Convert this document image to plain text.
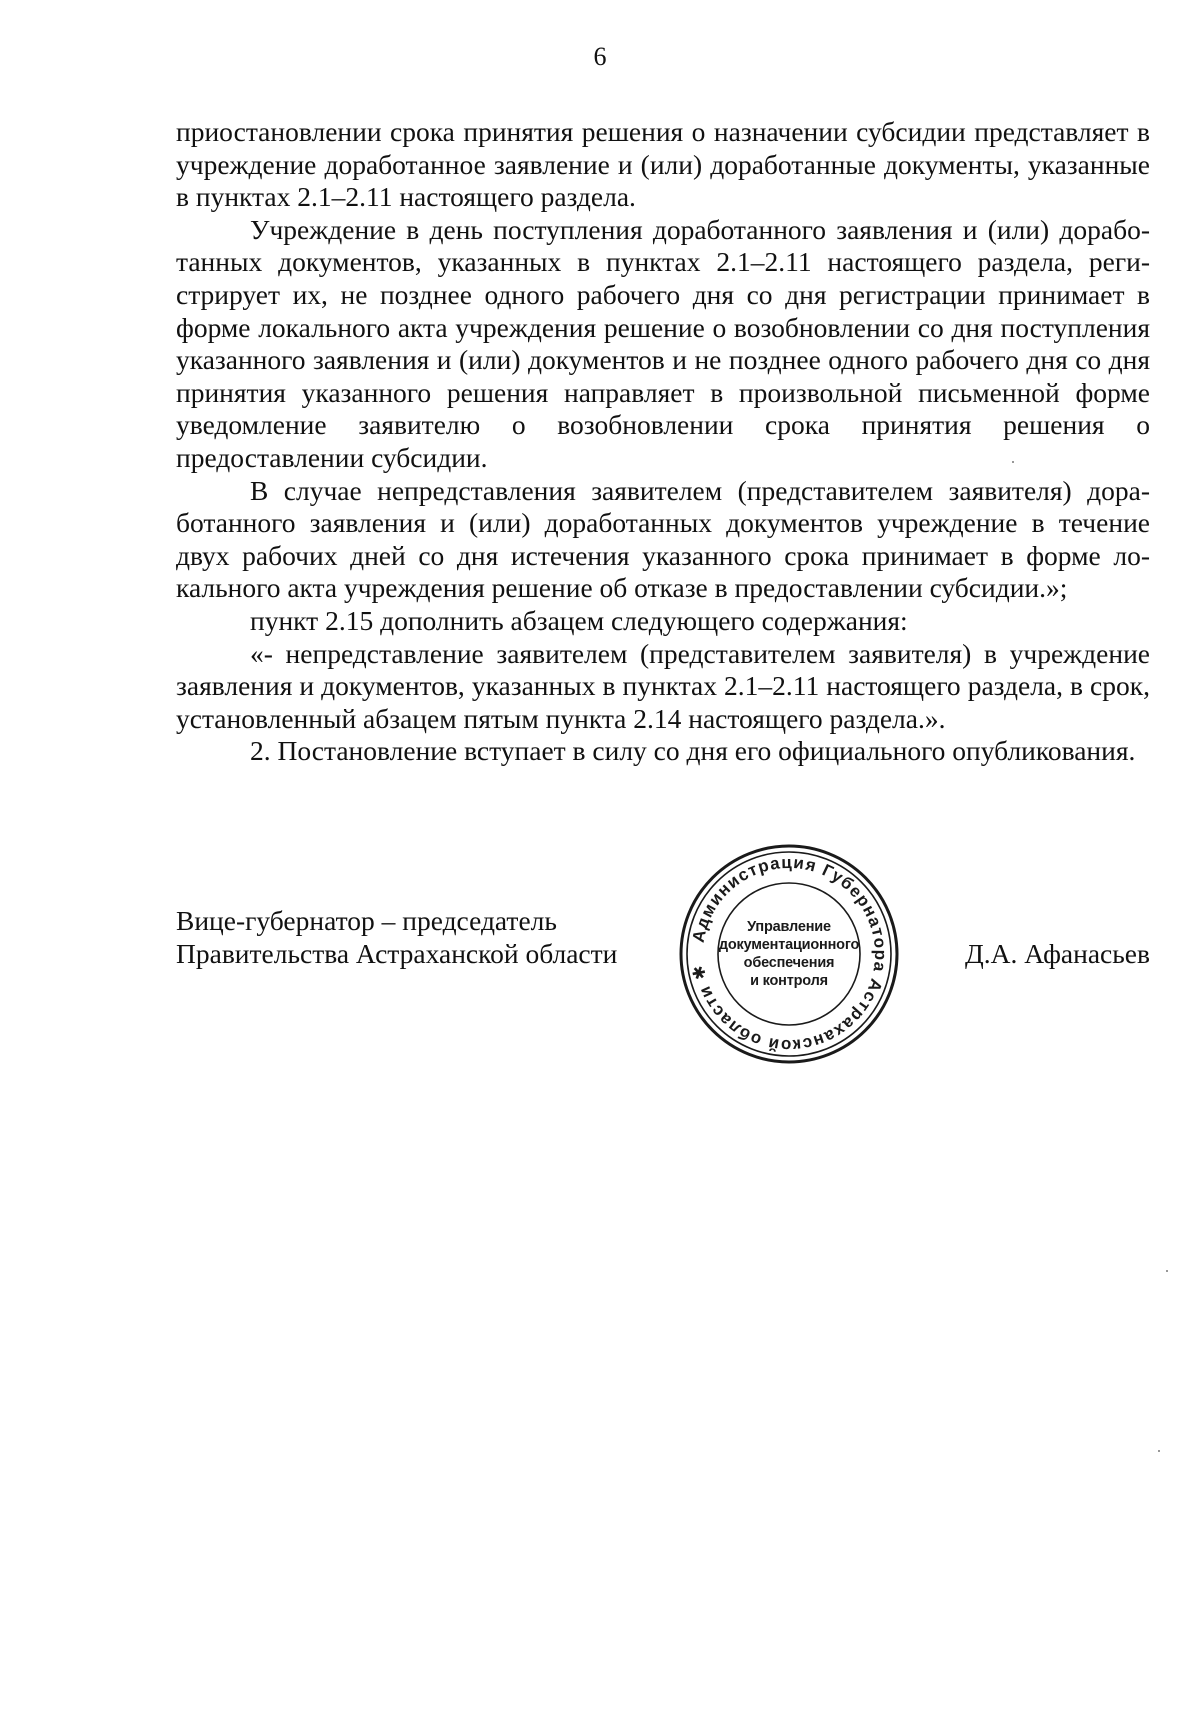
6

приостановлении срока принятия решения о назначении субсидии представляет в учреждение доработанное заявление и (или) доработанные документы, указанные в пунктах 2.1–2.11 настоящего раздела.

Учреждение в день поступления доработанного заявления и (или) доработанных документов, указанных в пунктах 2.1–2.11 настоящего раздела, регистрирует их, не позднее одного рабочего дня со дня регистрации принимает в форме локального акта учреждения решение о возобновлении со дня поступления указанного заявления и (или) документов и не позднее одного рабочего дня со дня принятия указанного решения направляет в произвольной письменной форме уведомление заявителю о возобновлении срока принятия решения о предоставлении субсидии.

В случае непредставления заявителем (представителем заявителя) доработанного заявления и (или) доработанных документов учреждение в течение двух рабочих дней со дня истечения указанного срока принимает в форме локального акта учреждения решение об отказе в предоставлении субсидии.»;

пункт 2.15 дополнить абзацем следующего содержания:

«- непредставление заявителем (представителем заявителя) в учреждение заявления и документов, указанных в пунктах 2.1–2.11 настоящего раздела, в срок, установленный абзацем пятым пункта 2.14 настоящего раздела.».

2. Постановление вступает в силу со дня его официального опубликования.

Вице-губернатор – председатель
Правительства Астраханской области	Д.А. Афанасьев
Администрация Губернатора Астраханской области ✱
Управление
документационного
обеспечения
и контроля
